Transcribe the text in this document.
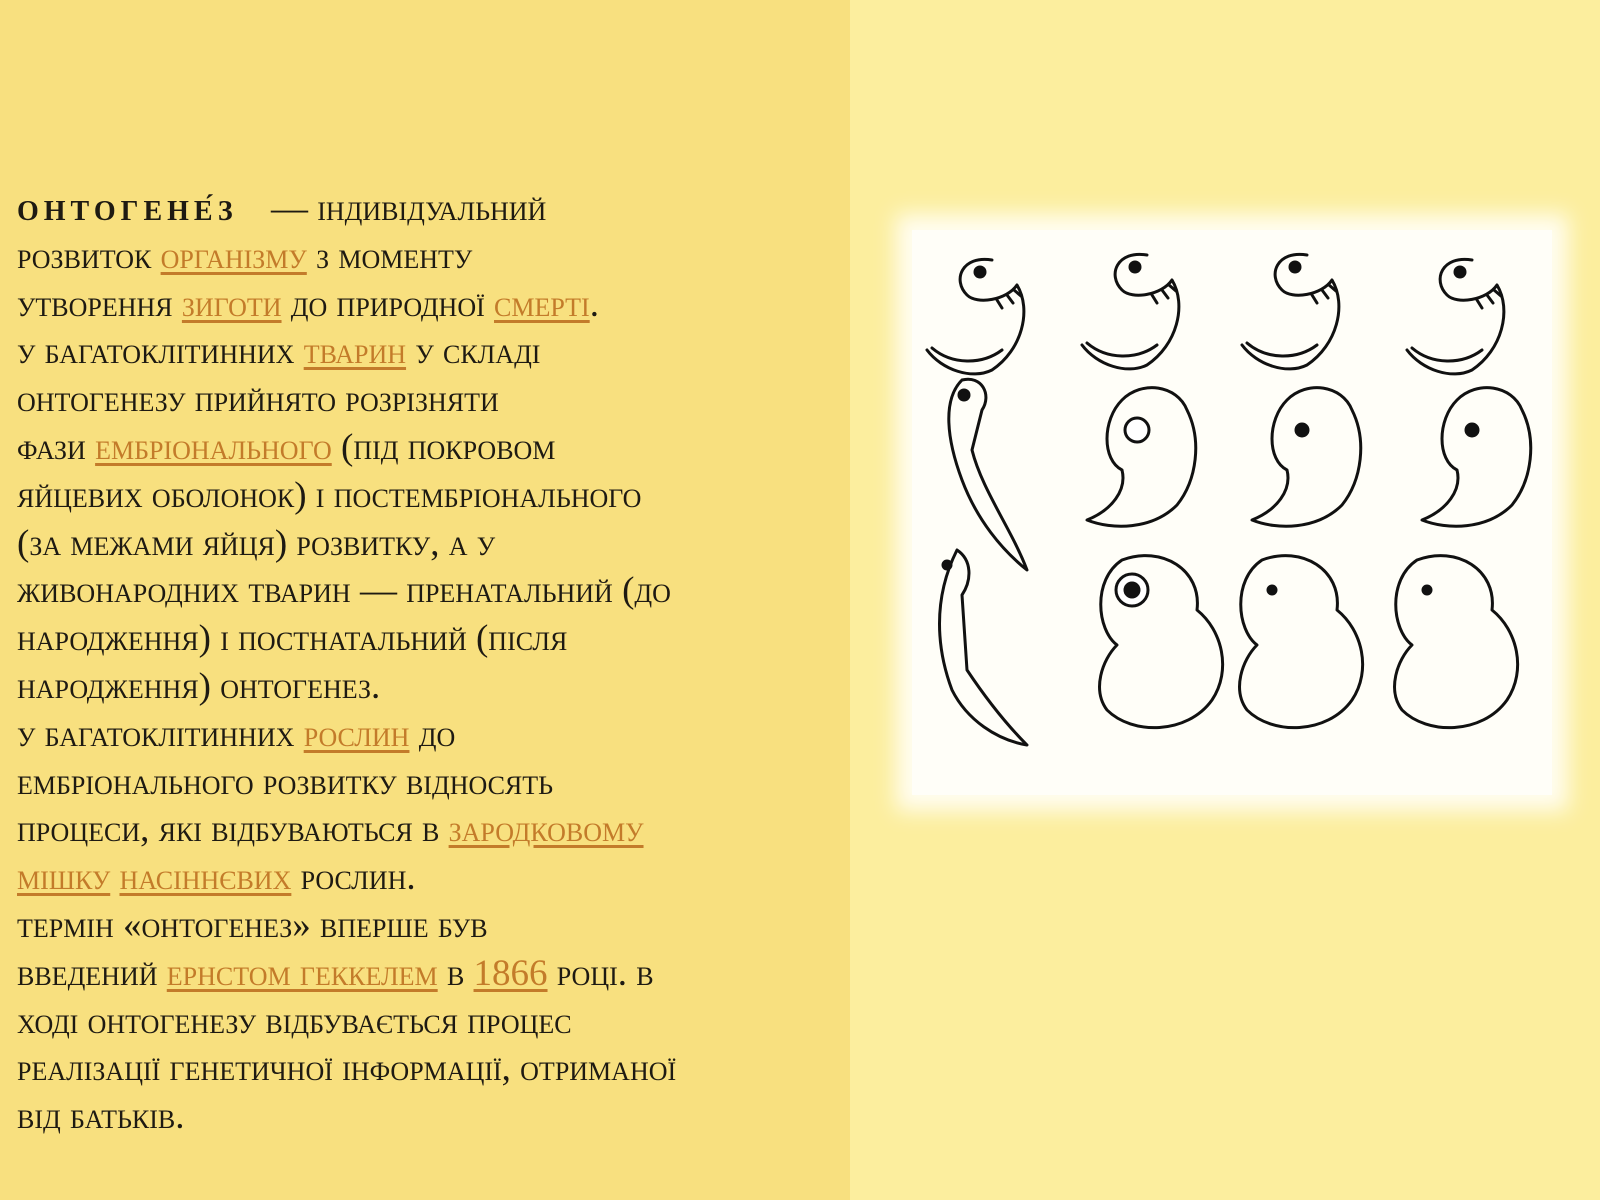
онтогене́з — індивідуальний
розвиток організму з моменту
утворення зиготи до природної смерті.
у багатоклітинних тварин у складі
онтогенезу прийнято розрізняти
фази ембріонального (під покровом
яйцевих оболонок) і постембріонального
(за межами яйця) розвитку, а у
живонародних тварин — пренатальний (до
народження) і постнатальний (після
народження) онтогенез.
у багатоклітинних рослин до
ембріонального розвитку відносять
процеси, які відбуваються в зародковому
мішку насіннєвих рослин.
термін «онтогенез» вперше був
введений ернстом геккелем в 1866 році. в
ході онтогенезу відбувається процес
реалізації генетичної інформації, отриманої
від батьків.
